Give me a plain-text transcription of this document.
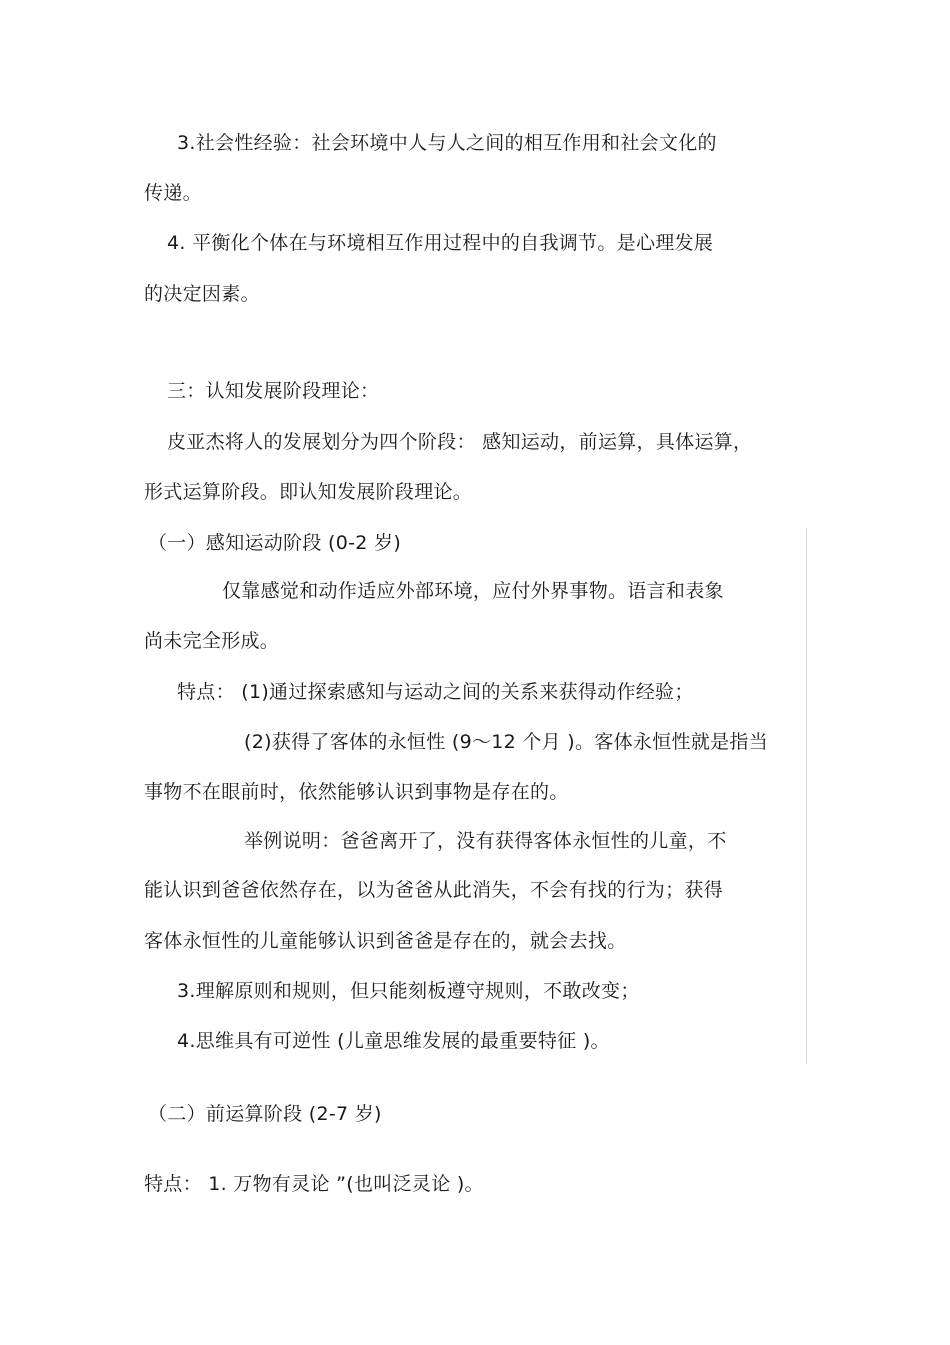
3.社会性经验：社会环境中人与人之间的相互作用和社会文化的
传递。
4. 平衡化个体在与环境相互作用过程中的自我调节。是心理发展
的决定因素。
三：认知发展阶段理论：
皮亚杰将人的发展划分为四个阶段： 感知运动，前运算，具体运算，
形式运算阶段。即认知发展阶段理论。
（一）感知运动阶段 (0-2 岁)
仅靠感觉和动作适应外部环境，应付外界事物。语言和表象
尚未完全形成。
特点： (1)通过探索感知与运动之间的关系来获得动作经验；
(2)获得了客体的永恒性 (9～12 个月 )。客体永恒性就是指当
事物不在眼前时，依然能够认识到事物是存在的。
举例说明：爸爸离开了，没有获得客体永恒性的儿童，不
能认识到爸爸依然存在，以为爸爸从此消失，不会有找的行为；获得
客体永恒性的儿童能够认识到爸爸是存在的，就会去找。
3.理解原则和规则，但只能刻板遵守规则，不敢改变；
4.思维具有可逆性 (儿童思维发展的最重要特征 )。
（二）前运算阶段 (2-7 岁)
特点： 1. 万物有灵论 ”(也叫泛灵论 )。
